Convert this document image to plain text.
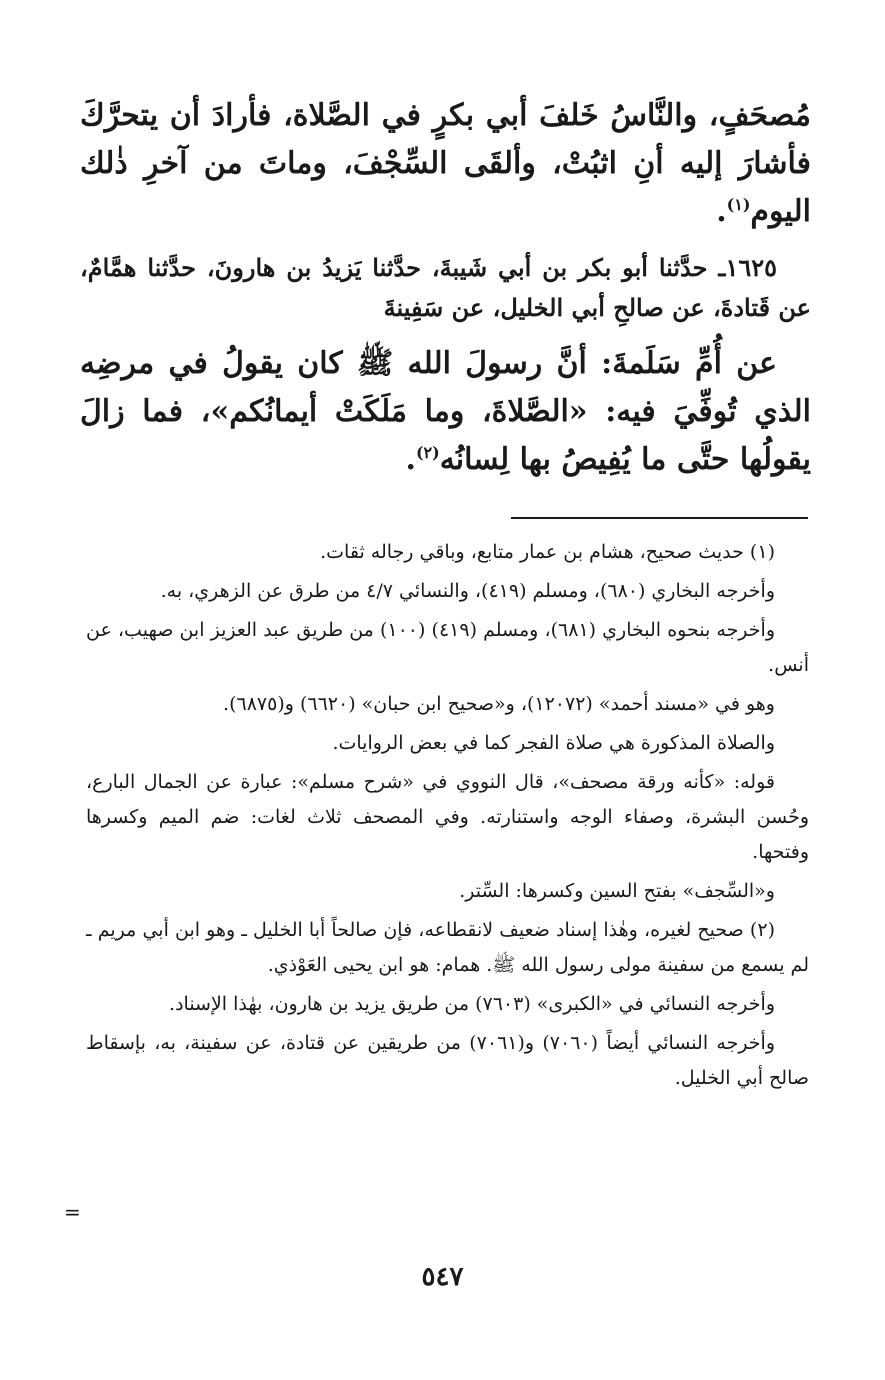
مُصحَفٍ، والنَّاسُ خَلفَ أبي بكرٍ في الصَّلاة، فأرادَ أن يتحرَّكَ فأشارَ إليه أنِ اثبُتْ، وألقَى السِّجْفَ، وماتَ من آخرِ ذٰلك اليوم$^{(١)}$.

١٦٢٥ـ حدَّثنا أبو بكر بن أبي شَيبةَ، حدَّثنا يَزيدُ بن هارونَ، حدَّثنا همَّامٌ، عن قَتادةَ، عن صالحِ أبي الخليل، عن سَفِينةَ

عن أُمِّ سَلَمةَ: أنَّ رسولَ الله ﷺ كان يقولُ في مرضِه الذي تُوفِّيَ فيه: «الصَّلاةَ، وما مَلَكَتْ أيمانُكم»، فما زالَ يقولُها حتَّى ما يُفِيصُ بها لِسانُه$^{(٢)}$.

(١) حديث صحيح، هشام بن عمار متابع، وباقي رجاله ثقات.

وأخرجه البخاري (٦٨٠)، ومسلم (٤١٩)، والنسائي ٤/٧ من طرق عن الزهري، به.

وأخرجه بنحوه البخاري (٦٨١)، ومسلم (٤١٩) (١٠٠) من طريق عبد العزيز ابن صهيب، عن أنس.

وهو في «مسند أحمد» (١٢٠٧٢)، و«صحيح ابن حبان» (٦٦٢٠) و(٦٨٧٥).

والصلاة المذكورة هي صلاة الفجر كما في بعض الروايات.

قوله: «كأنه ورقة مصحف»، قال النووي في «شرح مسلم»: عبارة عن الجمال البارع، وحُسن البشرة، وصفاء الوجه واستنارته. وفي المصحف ثلاث لغات: ضم الميم وكسرها وفتحها.

و«السِّجف» بفتح السين وكسرها: السِّتر.

(٢) صحيح لغيره، وهٰذا إسناد ضعيف لانقطاعه، فإن صالحاً أبا الخليل ـ وهو ابن أبي مريم ـ لم يسمع من سفينة مولى رسول الله ﷺ. همام: هو ابن يحيى العَوْذي.

وأخرجه النسائي في «الكبرى» (٧٦٠٣) من طريق يزيد بن هارون، بهٰذا الإسناد.

وأخرجه النسائي أيضاً (٧٠٦٠) و(٧٠٦١) من طريقين عن قتادة، عن سفينة، به، بإسقاط صالح أبي الخليل.

=
٥٤٧
